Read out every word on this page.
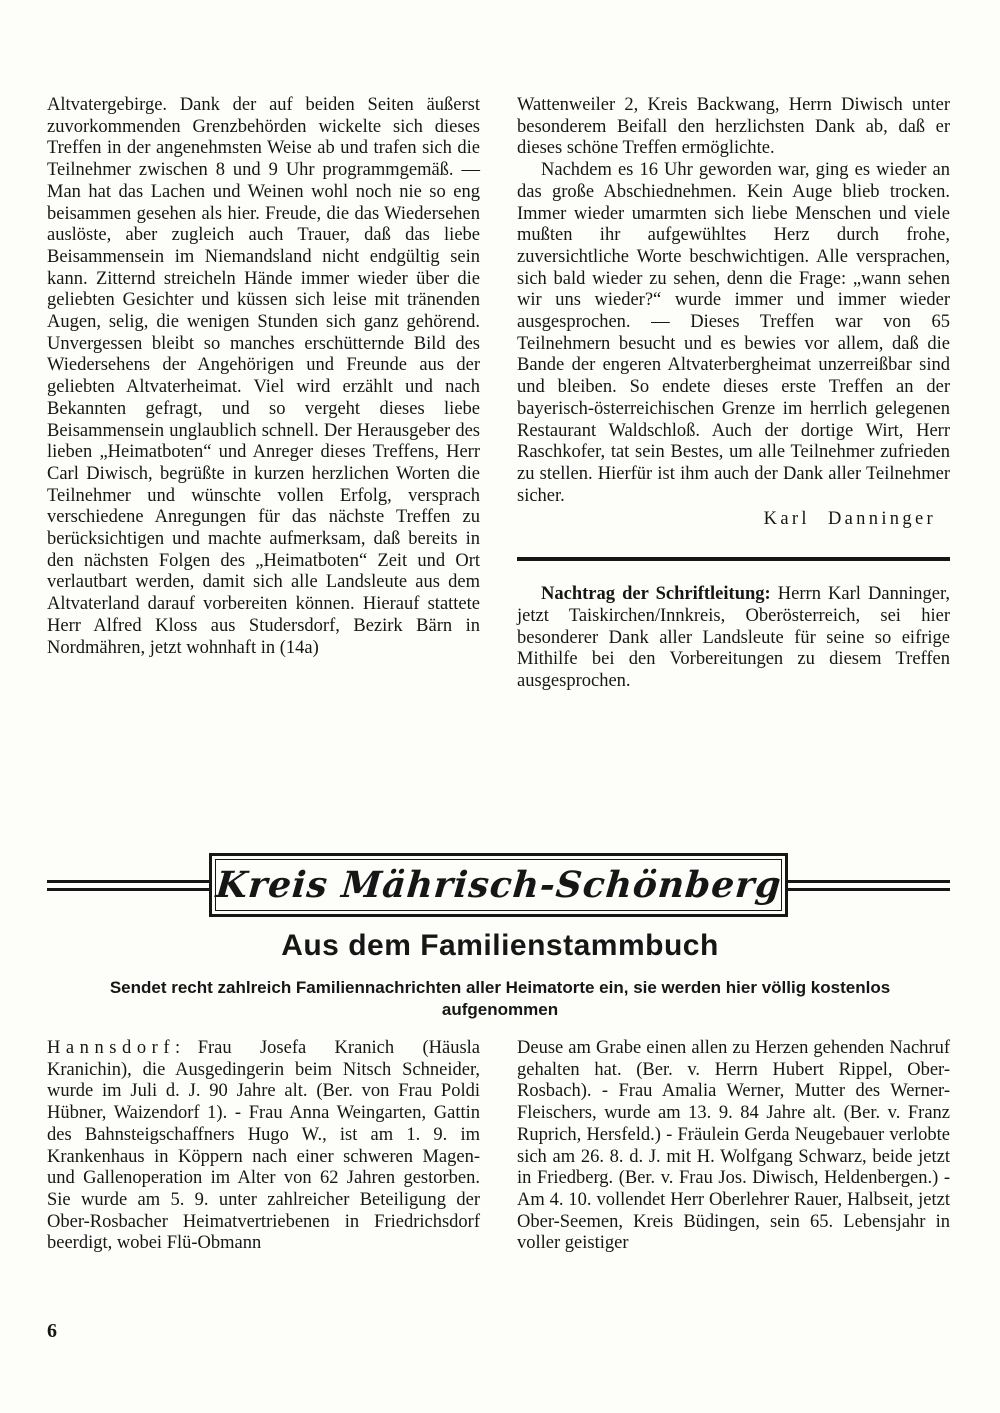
Altvatergebirge. Dank der auf beiden Seiten äußerst zuvorkommenden Grenzbehörden wickelte sich dieses Treffen in der angenehmsten Weise ab und trafen sich die Teilnehmer zwischen 8 und 9 Uhr programmgemäß. — Man hat das Lachen und Weinen wohl noch nie so eng beisammen gesehen als hier. Freude, die das Wiedersehen auslöste, aber zugleich auch Trauer, daß das liebe Beisammensein im Niemandsland nicht endgültig sein kann. Zitternd streicheln Hände immer wieder über die geliebten Gesichter und küssen sich leise mit tränenden Augen, selig, die wenigen Stunden sich ganz gehörend. Unvergessen bleibt so manches erschütternde Bild des Wiedersehens der Angehörigen und Freunde aus der geliebten Altvaterheimat. Viel wird erzählt und nach Bekannten gefragt, und so vergeht dieses liebe Beisammensein unglaublich schnell. Der Herausgeber des lieben „Heimatboten“ und Anreger dieses Treffens, Herr Carl Diwisch, begrüßte in kurzen herzlichen Worten die Teilnehmer und wünschte vollen Erfolg, versprach verschiedene Anregungen für das nächste Treffen zu berücksichtigen und machte aufmerksam, daß bereits in den nächsten Folgen des „Heimatboten“ Zeit und Ort verlautbart werden, damit sich alle Landsleute aus dem Altvaterland darauf vorbereiten können. Hierauf stattete Herr Alfred Kloss aus Studersdorf, Bezirk Bärn in Nordmähren, jetzt wohnhaft in (14a)

Wattenweiler 2, Kreis Backwang, Herrn Diwisch unter besonderem Beifall den herzlichsten Dank ab, daß er dieses schöne Treffen ermöglichte.

Nachdem es 16 Uhr geworden war, ging es wieder an das große Abschiednehmen. Kein Auge blieb trocken. Immer wieder umarmten sich liebe Menschen und viele mußten ihr aufgewühltes Herz durch frohe, zuversichtliche Worte beschwichtigen. Alle versprachen, sich bald wieder zu sehen, denn die Frage: „wann sehen wir uns wieder?“ wurde immer und immer wieder ausgesprochen. — Dieses Treffen war von 65 Teilnehmern besucht und es bewies vor allem, daß die Bande der engeren Altvaterbergheimat unzerreißbar sind und bleiben. So endete dieses erste Treffen an der bayerisch-österreichischen Grenze im herrlich gelegenen Restaurant Waldschloß. Auch der dortige Wirt, Herr Raschkofer, tat sein Bestes, um alle Teilnehmer zufrieden zu stellen. Hierfür ist ihm auch der Dank aller Teilnehmer sicher.

Karl Danninger

Nachtrag der Schriftleitung: Herrn Karl Danninger, jetzt Taiskirchen/Innkreis, Oberösterreich, sei hier besonderer Dank aller Landsleute für seine so eifrige Mithilfe bei den Vorbereitungen zu diesem Treffen ausgesprochen.

Kreis Mährisch-Schönberg
Aus dem Familienstammbuch

Sendet recht zahlreich Familiennachrichten aller Heimatorte ein, sie werden hier völlig kostenlos aufgenommen

Hannsdorf: Frau Josefa Kranich (Häusla Kranichin), die Ausgedingerin beim Nitsch Schneider, wurde im Juli d. J. 90 Jahre alt. (Ber. von Frau Poldi Hübner, Waizendorf 1). - Frau Anna Weingarten, Gattin des Bahnsteigschaffners Hugo W., ist am 1. 9. im Krankenhaus in Köppern nach einer schweren Magen- und Gallenoperation im Alter von 62 Jahren gestorben. Sie wurde am 5. 9. unter zahlreicher Beteiligung der Ober-Rosbacher Heimatvertriebenen in Friedrichsdorf beerdigt, wobei Flü-Obmann

Deuse am Grabe einen allen zu Herzen gehenden Nachruf gehalten hat. (Ber. v. Herrn Hubert Rippel, Ober-Rosbach). - Frau Amalia Werner, Mutter des Werner-Fleischers, wurde am 13. 9. 84 Jahre alt. (Ber. v. Franz Ruprich, Hersfeld.) - Fräulein Gerda Neugebauer verlobte sich am 26. 8. d. J. mit H. Wolfgang Schwarz, beide jetzt in Friedberg. (Ber. v. Frau Jos. Diwisch, Heldenbergen.) - Am 4. 10. vollendet Herr Oberlehrer Rauer, Halbseit, jetzt Ober-Seemen, Kreis Büdingen, sein 65. Lebensjahr in voller geistiger

6
